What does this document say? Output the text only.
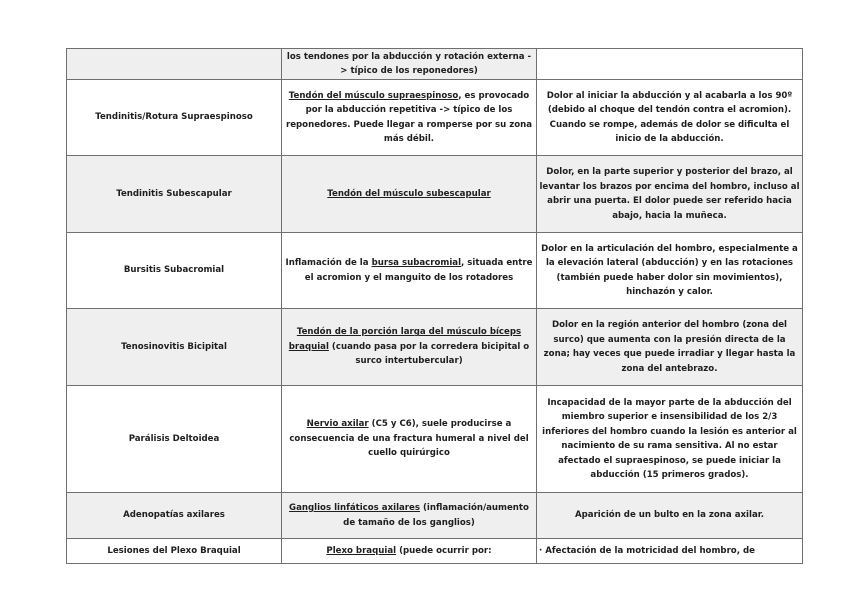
	los tendones por la abducción y rotación externa -> típico de los reponedores)	
Tendinitis/Rotura Supraespinoso	Tendón del músculo supraespinoso, es provocado por la abducción repetitiva -> típico de los reponedores. Puede llegar a romperse por su zona más débil.	Dolor al iniciar la abducción y al acabarla a los 90º (debido al choque del tendón contra el acromion). Cuando se rompe, además de dolor se dificulta el inicio de la abducción.
Tendinitis Subescapular	Tendón del músculo subescapular	Dolor, en la parte superior y posterior del brazo, al levantar los brazos por encima del hombro, incluso al abrir una puerta. El dolor puede ser referido hacia abajo, hacia la muñeca.
Bursitis Subacromial	Inflamación de la bursa subacromial, situada entre el acromion y el manguito de los rotadores	Dolor en la articulación del hombro, especialmente a la elevación lateral (abducción) y en las rotaciones (también puede haber dolor sin movimientos), hinchazón y calor.
Tenosinovitis Bicipital	Tendón de la porción larga del músculo bíceps braquial (cuando pasa por la corredera bicipital o surco intertubercular)	Dolor en la región anterior del hombro (zona del surco) que aumenta con la presión directa de la zona; hay veces que puede irradiar y llegar hasta la zona del antebrazo.
Parálisis Deltoidea	Nervio axilar (C5 y C6), suele producirse a consecuencia de una fractura humeral a nivel del cuello quirúrgico	Incapacidad de la mayor parte de la abducción del miembro superior e insensibilidad de los 2/3 inferiores del hombro cuando la lesión es anterior al nacimiento de su rama sensitiva. Al no estar afectado el supraespinoso, se puede iniciar la abducción (15 primeros grados).
Adenopatías axilares	Ganglios linfáticos axilares (inflamación/aumento de tamaño de los ganglios)	Aparición de un bulto en la zona axilar.
Lesiones del Plexo Braquial	Plexo braquial (puede ocurrir por:	· Afectación de la motricidad del hombro, de
